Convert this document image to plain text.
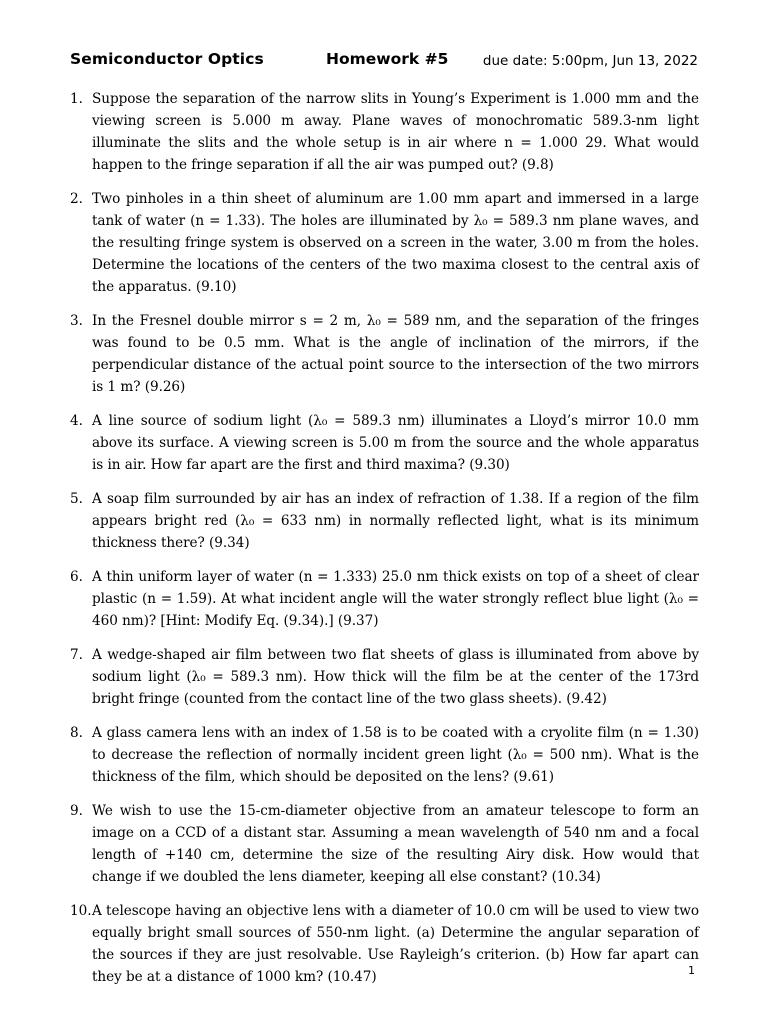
Semiconductor Optics	Homework #5	due date: 5:00pm, Jun 13, 2022
1. Suppose the separation of the narrow slits in Young’s Experiment is 1.000 mm and the viewing screen is 5.000 m away. Plane waves of monochromatic 589.3-nm light illuminate the slits and the whole setup is in air where n = 1.000 29. What would happen to the fringe separation if all the air was pumped out? (9.8)
2. Two pinholes in a thin sheet of aluminum are 1.00 mm apart and immersed in a large tank of water (n = 1.33). The holes are illuminated by λ₀ = 589.3 nm plane waves, and the resulting fringe system is observed on a screen in the water, 3.00 m from the holes. Determine the locations of the centers of the two maxima closest to the central axis of the apparatus. (9.10)
3. In the Fresnel double mirror s = 2 m, λ₀ = 589 nm, and the separation of the fringes was found to be 0.5 mm. What is the angle of inclination of the mirrors, if the perpendicular distance of the actual point source to the intersection of the two mirrors is 1 m? (9.26)
4. A line source of sodium light (λ₀ = 589.3 nm) illuminates a Lloyd’s mirror 10.0 mm above its surface. A viewing screen is 5.00 m from the source and the whole apparatus is in air. How far apart are the first and third maxima? (9.30)
5. A soap film surrounded by air has an index of refraction of 1.38. If a region of the film appears bright red (λ₀ = 633 nm) in normally reflected light, what is its minimum thickness there? (9.34)
6. A thin uniform layer of water (n = 1.333) 25.0 nm thick exists on top of a sheet of clear plastic (n = 1.59). At what incident angle will the water strongly reflect blue light (λ₀ = 460 nm)? [Hint: Modify Eq. (9.34).] (9.37)
7. A wedge-shaped air film between two flat sheets of glass is illuminated from above by sodium light (λ₀ = 589.3 nm). How thick will the film be at the center of the 173rd bright fringe (counted from the contact line of the two glass sheets). (9.42)
8. A glass camera lens with an index of 1.58 is to be coated with a cryolite film (n = 1.30) to decrease the reflection of normally incident green light (λ₀ = 500 nm). What is the thickness of the film, which should be deposited on the lens? (9.61)
9. We wish to use the 15-cm-diameter objective from an amateur telescope to form an image on a CCD of a distant star. Assuming a mean wavelength of 540 nm and a focal length of +140 cm, determine the size of the resulting Airy disk. How would that change if we doubled the lens diameter, keeping all else constant? (10.34)
10. A telescope having an objective lens with a diameter of 10.0 cm will be used to view two equally bright small sources of 550-nm light. (a) Determine the angular separation of the sources if they are just resolvable. Use Rayleigh’s criterion. (b) How far apart can they be at a distance of 1000 km? (10.47)	1
